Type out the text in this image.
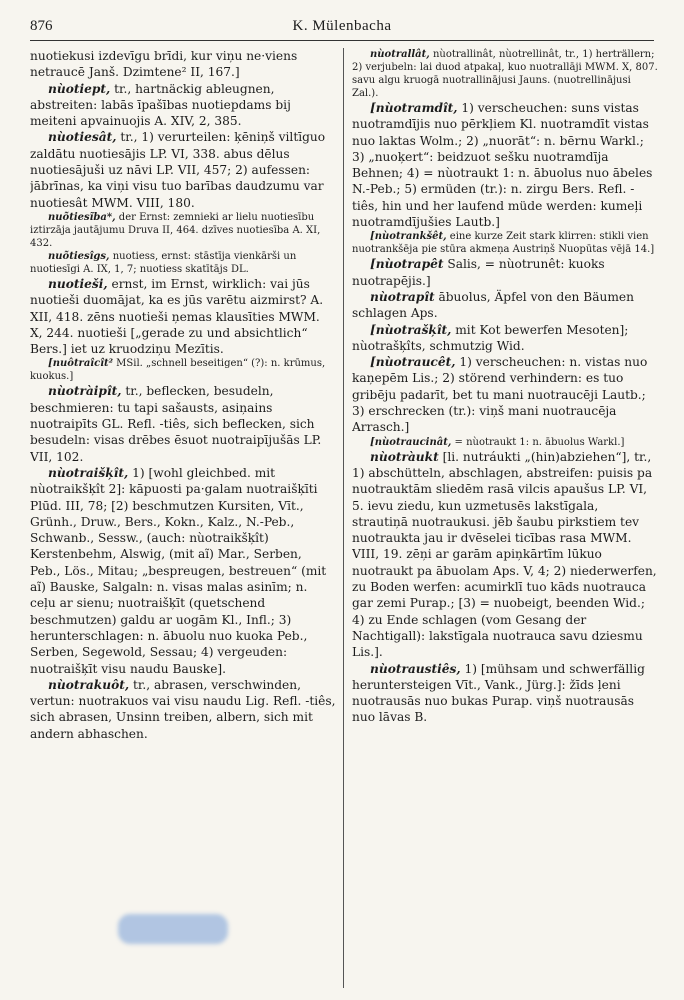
876	K. Mülenbacha

nuotiekusi izdevīgu brīdi, kur viņu ne·viens netraucē Janš. Dzimtene² II, 167.]

nùotiept, tr., hartnäckig ableugnen, abstreiten: labās īpašības nuotiepdams bij meiteni apvainuojis A. XIV, 2, 385.

nùotiesât, tr., 1) verurteilen: ķēniņš viltīguo zaldātu nuotiesājis LP. VI, 338. abus dēlus nuotiesājuši uz nāvi LP. VII, 457; 2) aufessen: jābrīnas, ka viņi visu tuo barības daudzumu var nuotiesât MWM. VIII, 180.

nuõtiesĩba*, der Ernst: zemnieki ar lielu nuotiesību iztirzāja jautājumu Druva II, 464. dzīves nuotiesība A. XI, 432.

nuõtiesîgs, nuotiess, ernst: stāstīja vienkārši un nuotiesīgi A. IX, 1, 7; nuotiess skatītājs DL.

nuotieši, ernst, im Ernst, wirklich: vai jūs nuotieši duomājat, ka es jūs varētu aizmirst? A. XII, 418. zēns nuotieši ņemas klausīties MWM. X, 244. nuotieši [„gerade zu und absichtlich“ Bers.] iet uz kruodziņu Mezītis.

[nuôtraîcît² MSil. „schnell beseitigen“ (?): n. krūmus, kuokus.]

nùotràipît, tr., beflecken, besudeln, beschmieren: tu tapi sašausts, asiņains nuotraipīts GL. Refl. -tiês, sich beflecken, sich besudeln: visas drēbes ēsuot nuotraipījušās LP. VII, 102.

nùotraišķît, 1) [wohl gleichbed. mit nùotraikšķît 2]: kāpuosti pa·galam nuotraišķīti Plūd. III, 78; [2) beschmutzen Kursiten, Vīt., Grünh., Druw., Bers., Kokn., Kalz., N.-Peb., Schwanb., Sessw., (auch: nùotraikšķît) Kerstenbehm, Alswig, (mit aĩ) Mar., Serben, Peb., Lös., Mitau; „bespreugen, bestreuen“ (mit aĩ) Bauske, Salgaln: n. visas malas asinīm; n. ceļu ar sienu; nuotraišķīt (quetschend beschmutzen) galdu ar uogām Kl., Infl.; 3) herunterschlagen: n. ābuolu nuo kuoka Peb., Serben, Segewold, Sessau; 4) vergeuden: nuotraišķīt visu naudu Bauske].

nùotrakuôt, tr., abrasen, verschwinden, vertun: nuotrakuos vai visu naudu Lig. Refl. -tiês, sich abrasen, Unsinn treiben, albern, sich mit andern abhaschen.

nùotrallât, nùotrallinât, nùotrellinât, tr., 1) herträllern; 2) verjubeln: lai duod atpakaļ, kuo nuotrallāji MWM. X, 807. savu algu kruogā nuotrallinājusi Jauns. (nuotrellinājusi Zal.).

[nùotramdît, 1) verscheuchen: suns vistas nuotramdījis nuo pērkļiem Kl. nuotramdīt vistas nuo laktas Wolm.; 2) „nuorāt“: n. bērnu Warkl.; 3) „nuoķert“: beidzuot sešku nuotramdīja Behnen; 4) = nùotraukt 1: n. ābuolus nuo ābeles N.-Peb.; 5) ermüden (tr.): n. zirgu Bers. Refl. -tiês, hin und her laufend müde werden: kumeļi nuotramdījušies Lautb.]

[nùotrankšêt, eine kurze Zeit stark klirren: stikli vien nuotrankšēja pie stūra akmeņa Austriņš Nuopūtas vējā 14.]

[nùotrapêt Salis, = nùotrunêt: kuoks nuotrapējis.]

nùotrapît ābuolus, Äpfel von den Bäumen schlagen Aps.

[nùotrašķît, mit Kot bewerfen Mesoten]; nùotrašķîts, schmutzig Wid.

[nùotraucêt, 1) verscheuchen: n. vistas nuo kaņepēm Lis.; 2) störend verhindern: es tuo gribēju padarīt, bet tu mani nuotraucēji Lautb.; 3) erschrecken (tr.): viņš mani nuotraucēja Arrasch.]

[nùotraucinât, = nùotraukt 1: n. ābuolus Warkl.]

nùotràukt [li. nutráukti „(hin)abziehen“], tr., 1) abschütteln, abschlagen, abstreifen: puisis pa nuotrauktām sliedēm rasā vilcis apaušus LP. VI, 5. ievu ziedu, kun uzmetusēs lakstīgala, strautiņā nuotraukusi. jēb šaubu pirkstiem tev nuotraukta jau ir dvēselei ticības rasa MWM. VIII, 19. zēņi ar garām apiņkārtīm lūkuo nuotraukt pa ābuolam Aps. V, 4; 2) niederwerfen, zu Boden werfen: acumirklī tuo kāds nuotrauca gar zemi Purap.; [3) = nuobeigt, beenden Wid.; 4) zu Ende schlagen (vom Gesang der Nachtigall): lakstīgala nuotrauca savu dziesmu Lis.].

nùotraustiês, 1) [mühsam und schwerfällig heruntersteigen Vīt., Vank., Jürg.]: žīds ļeni nuotrausās nuo bukas Purap. viņš nuotrausās nuo lāvas B.
